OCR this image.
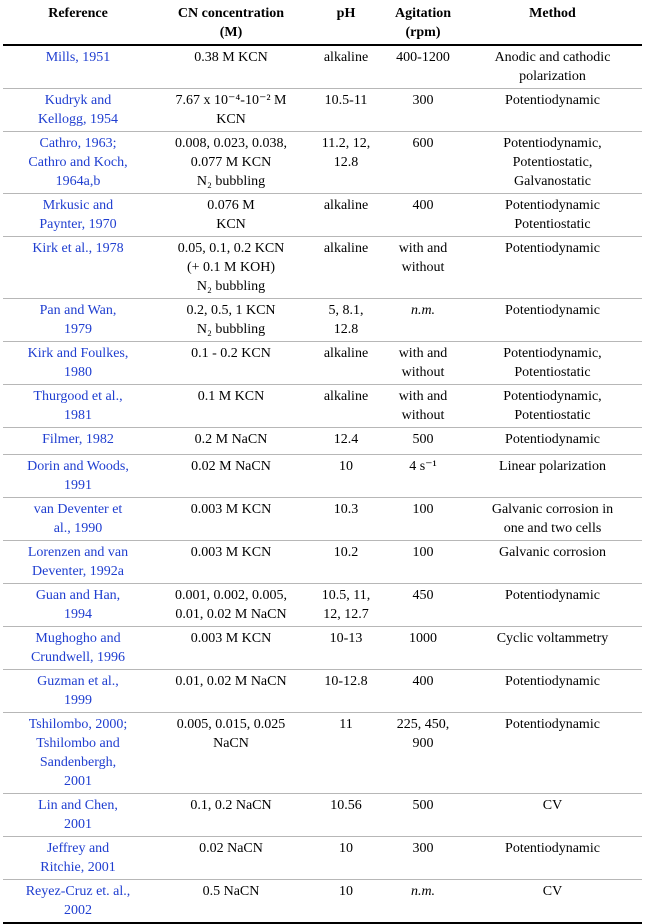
Reference	CN concentration
(M)	pH	Agitation
(rpm)	Method

Mills, 1951	0.38 M KCN	alkaline	400-1200	Anodic and cathodic
polarization

Kudryk and
Kellogg, 1954	7.67 x 10⁻⁴-10⁻² M
KCN	10.5-11	300	Potentiodynamic

Cathro, 1963;
Cathro and Koch,
1964a,b	0.008, 0.023, 0.038,
0.077 M KCN
N₂ bubbling	11.2, 12,
12.8	600	Potentiodynamic,
Potentiostatic,
Galvanostatic

Mrkusic and
Paynter, 1970	0.076 M
KCN	alkaline	400	Potentiodynamic
Potentiostatic

Kirk et al., 1978	0.05, 0.1, 0.2 KCN
(+ 0.1 M KOH)
N₂ bubbling	alkaline	with and
without	Potentiodynamic

Pan and Wan,
1979	0.2, 0.5, 1 KCN
N₂ bubbling	5, 8.1,
12.8	n.m.	Potentiodynamic

Kirk and Foulkes,
1980	0.1 - 0.2 KCN	alkaline	with and
without	Potentiodynamic,
Potentiostatic

Thurgood et al.,
1981	0.1 M KCN	alkaline	with and
without	Potentiodynamic,
Potentiostatic

Filmer, 1982	0.2 M NaCN	12.4	500	Potentiodynamic

Dorin and Woods,
1991	0.02 M NaCN	10	4 s⁻¹	Linear polarization

van Deventer et
al., 1990	0.003 M KCN	10.3	100	Galvanic corrosion in
one and two cells

Lorenzen and van
Deventer, 1992a	0.003 M KCN	10.2	100	Galvanic corrosion

Guan and Han,
1994	0.001, 0.002, 0.005,
0.01, 0.02 M NaCN	10.5, 11,
12, 12.7	450	Potentiodynamic

Mughogho and
Crundwell, 1996	0.003 M KCN	10-13	1000	Cyclic voltammetry

Guzman et al.,
1999	0.01, 0.02 M NaCN	10-12.8	400	Potentiodynamic

Tshilombo, 2000;
Tshilombo and
Sandenbergh,
2001	0.005, 0.015, 0.025
NaCN	11	225, 450,
900	Potentiodynamic

Lin and Chen,
2001	0.1, 0.2 NaCN	10.56	500	CV

Jeffrey and
Ritchie, 2001	0.02 NaCN	10	300	Potentiodynamic

Reyez-Cruz et. al.,
2002	0.5 NaCN	10	n.m.	CV
